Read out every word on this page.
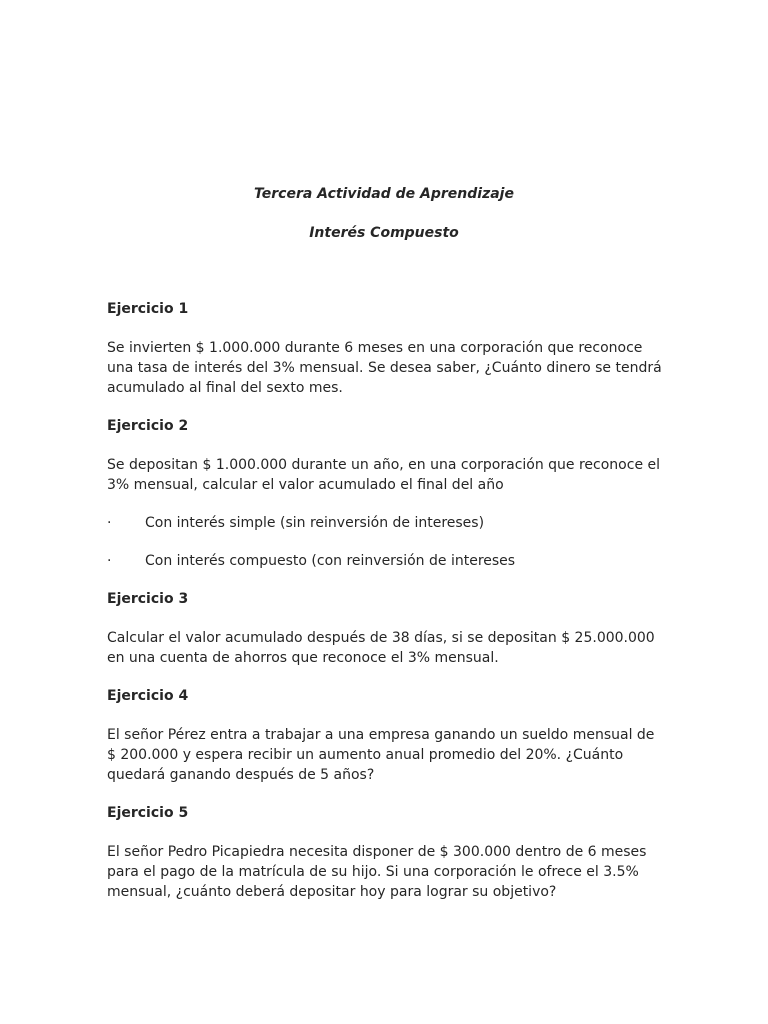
Tercera Actividad de Aprendizaje
Interés Compuesto

Ejercicio 1

Se invierten $ 1.000.000 durante 6 meses en una corporación que reconoce una tasa de interés del 3% mensual. Se desea saber, ¿Cuánto dinero se tendrá acumulado al final del sexto mes.

Ejercicio 2

Se depositan $ 1.000.000 durante un año, en una corporación que reconoce el 3% mensual, calcular el valor acumulado el final del año

·	Con interés simple (sin reinversión de intereses)
·	Con interés compuesto (con reinversión de intereses

Ejercicio 3

Calcular el valor acumulado después de 38 días, si se depositan $ 25.000.000 en una cuenta de ahorros que reconoce el 3% mensual.

Ejercicio 4

El señor Pérez entra a trabajar a una empresa ganando un sueldo mensual de $ 200.000 y espera recibir un aumento anual promedio del 20%. ¿Cuánto quedará ganando después de 5 años?

Ejercicio 5

El señor Pedro Picapiedra necesita disponer de $ 300.000 dentro de 6 meses para el pago de la matrícula de su hijo. Si una corporación le ofrece el 3.5% mensual, ¿cuánto deberá depositar hoy para lograr su objetivo?
